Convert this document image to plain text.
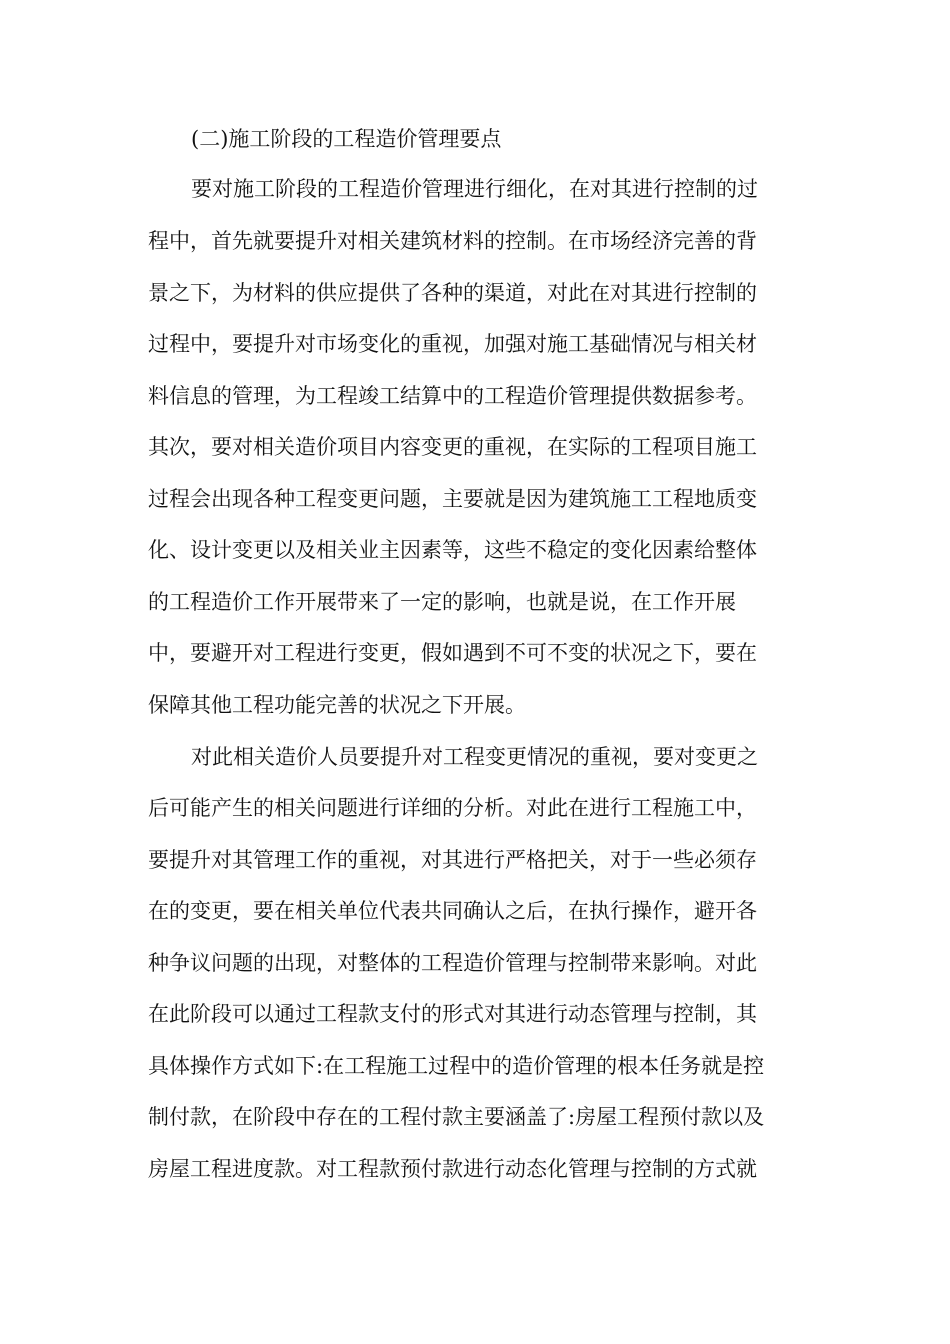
(二)施工阶段的工程造价管理要点
要对施工阶段的工程造价管理进行细化，在对其进行控制的过
程中，首先就要提升对相关建筑材料的控制。在市场经济完善的背
景之下，为材料的供应提供了各种的渠道，对此在对其进行控制的
过程中，要提升对市场变化的重视，加强对施工基础情况与相关材
料信息的管理，为工程竣工结算中的工程造价管理提供数据参考。
其次，要对相关造价项目内容变更的重视，在实际的工程项目施工
过程会出现各种工程变更问题，主要就是因为建筑施工工程地质变
化、设计变更以及相关业主因素等，这些不稳定的变化因素给整体
的工程造价工作开展带来了一定的影响，也就是说，在工作开展
中，要避开对工程进行变更，假如遇到不可不变的状况之下，要在
保障其他工程功能完善的状况之下开展。
对此相关造价人员要提升对工程变更情况的重视，要对变更之
后可能产生的相关问题进行详细的分析。对此在进行工程施工中，
要提升对其管理工作的重视，对其进行严格把关，对于一些必须存
在的变更，要在相关单位代表共同确认之后，在执行操作，避开各
种争议问题的出现，对整体的工程造价管理与控制带来影响。对此
在此阶段可以通过工程款支付的形式对其进行动态管理与控制，其
具体操作方式如下:在工程施工过程中的造价管理的根本任务就是控
制付款，在阶段中存在的工程付款主要涵盖了:房屋工程预付款以及
房屋工程进度款。对工程款预付款进行动态化管理与控制的方式就
